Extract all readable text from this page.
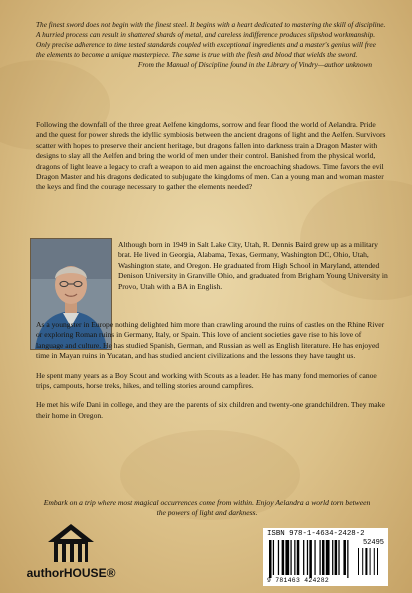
The finest sword does not begin with the finest steel. It begins with a heart dedicated to mastering the skill of discipline. A hurried process can result in shattered shards of metal, and careless indifference produces slipshod workmanship. Only precise adherence to time tested standards coupled with exceptional ingredients and a master's genius will free the elements to become a unique masterpiece. The same is true with the flesh and blood that wields the sword.
From the Manual of Discipline found in the Library of Vindry—author unknown
Following the downfall of the three great Aelfene kingdoms, sorrow and fear flood the world of Aelandra. Pride and the quest for power shreds the idyllic symbiosis between the ancient dragons of light and the Aelfen. Survivors scatter with hopes to preserve their ancient heritage, but dragons fallen into darkness train a Dragon Master with designs to slay all the Aelfen and bring the world of men under their control. Banished from the physical world, dragons of light leave a legacy to craft a weapon to aid men against the encroaching shadows. Time favors the evil Dragon Master and his dragons dedicated to subjugate the kingdoms of men. Can a young man and woman master the keys and find the courage necessary to gather the elements needed?

Although born in 1949 in Salt Lake City, Utah, R. Dennis Baird grew up as a military brat. He lived in Georgia, Alabama, Texas, Germany, Washington DC, Ohio, Utah, Washington state, and Oregon. He graduated from High School in Maryland, attended Denison University in Granville Ohio, and graduated from Brigham Young University in Provo, Utah with a BA in English.

As a youngster in Europe nothing delighted him more than crawling around the ruins of castles on the Rhine River or exploring Roman ruins in Germany, Italy, or Spain. This love of ancient societies gave rise to his love of language and culture. He has studied Spanish, German, and Russian as well as English literature. He has enjoyed time in Mayan ruins in Yucatan, and has studied ancient civilizations and the lessons they have taught us.

He spent many years as a Boy Scout and working with Scouts as a leader. He has many fond memories of canoe trips, campouts, horse treks, hikes, and telling stories around campfires.

He met his wife Dani in college, and they are the parents of six children and twenty-one grandchildren. They make their home in Oregon.

Embark on a trip where most magical occurrences come from within. Enjoy Aelandra a world torn between the powers of light and darkness.
authorHOUSE®
ISBN 978-1-4634-2428-2
52495
9 781463 424282
